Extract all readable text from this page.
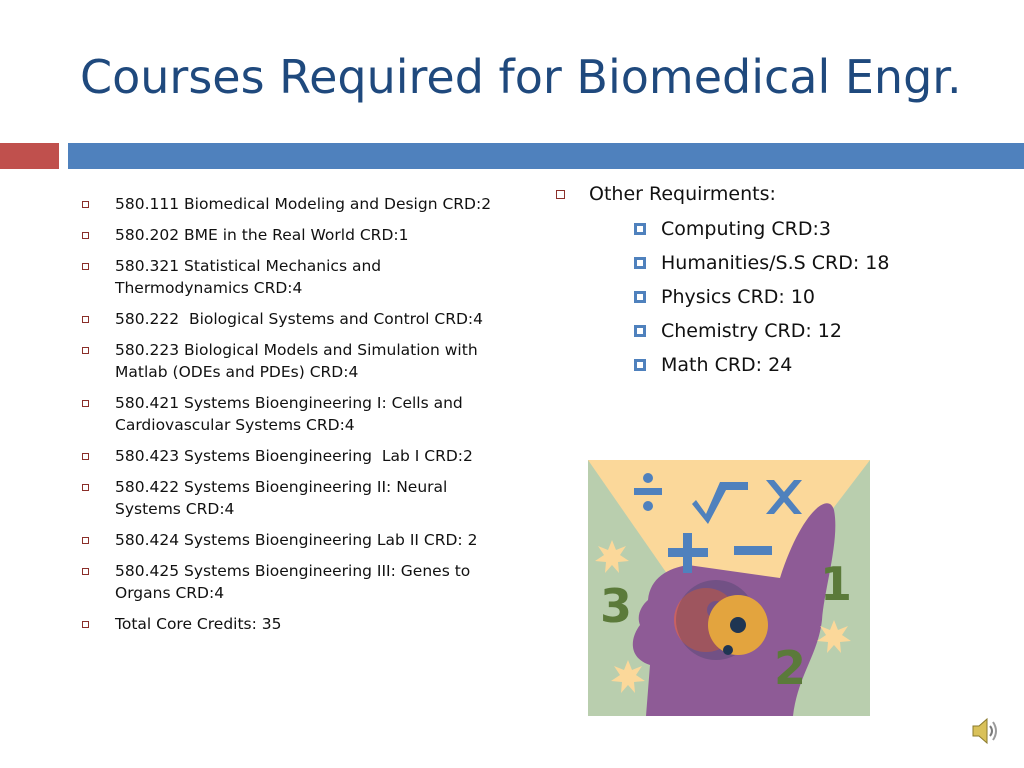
Courses Required for Biomedical Engr.
580.111 Biomedical Modeling and Design CRD:2
580.202 BME in the Real World CRD:1
580.321 Statistical Mechanics and Thermodynamics CRD:4
580.222  Biological Systems and Control CRD:4
580.223 Biological Models and Simulation with Matlab (ODEs and PDEs) CRD:4
580.421 Systems Bioengineering I: Cells and Cardiovascular Systems CRD:4
580.423 Systems Bioengineering  Lab I CRD:2
580.422 Systems Bioengineering II: Neural Systems CRD:4
580.424 Systems Bioengineering Lab II CRD: 2
580.425 Systems Bioengineering III: Genes to Organs CRD:4
Total Core Credits: 35
Other Requirments:
Computing CRD:3
Humanities/S.S CRD: 18
Physics CRD: 10
Chemistry CRD: 12
Math CRD: 24
3	1
2
